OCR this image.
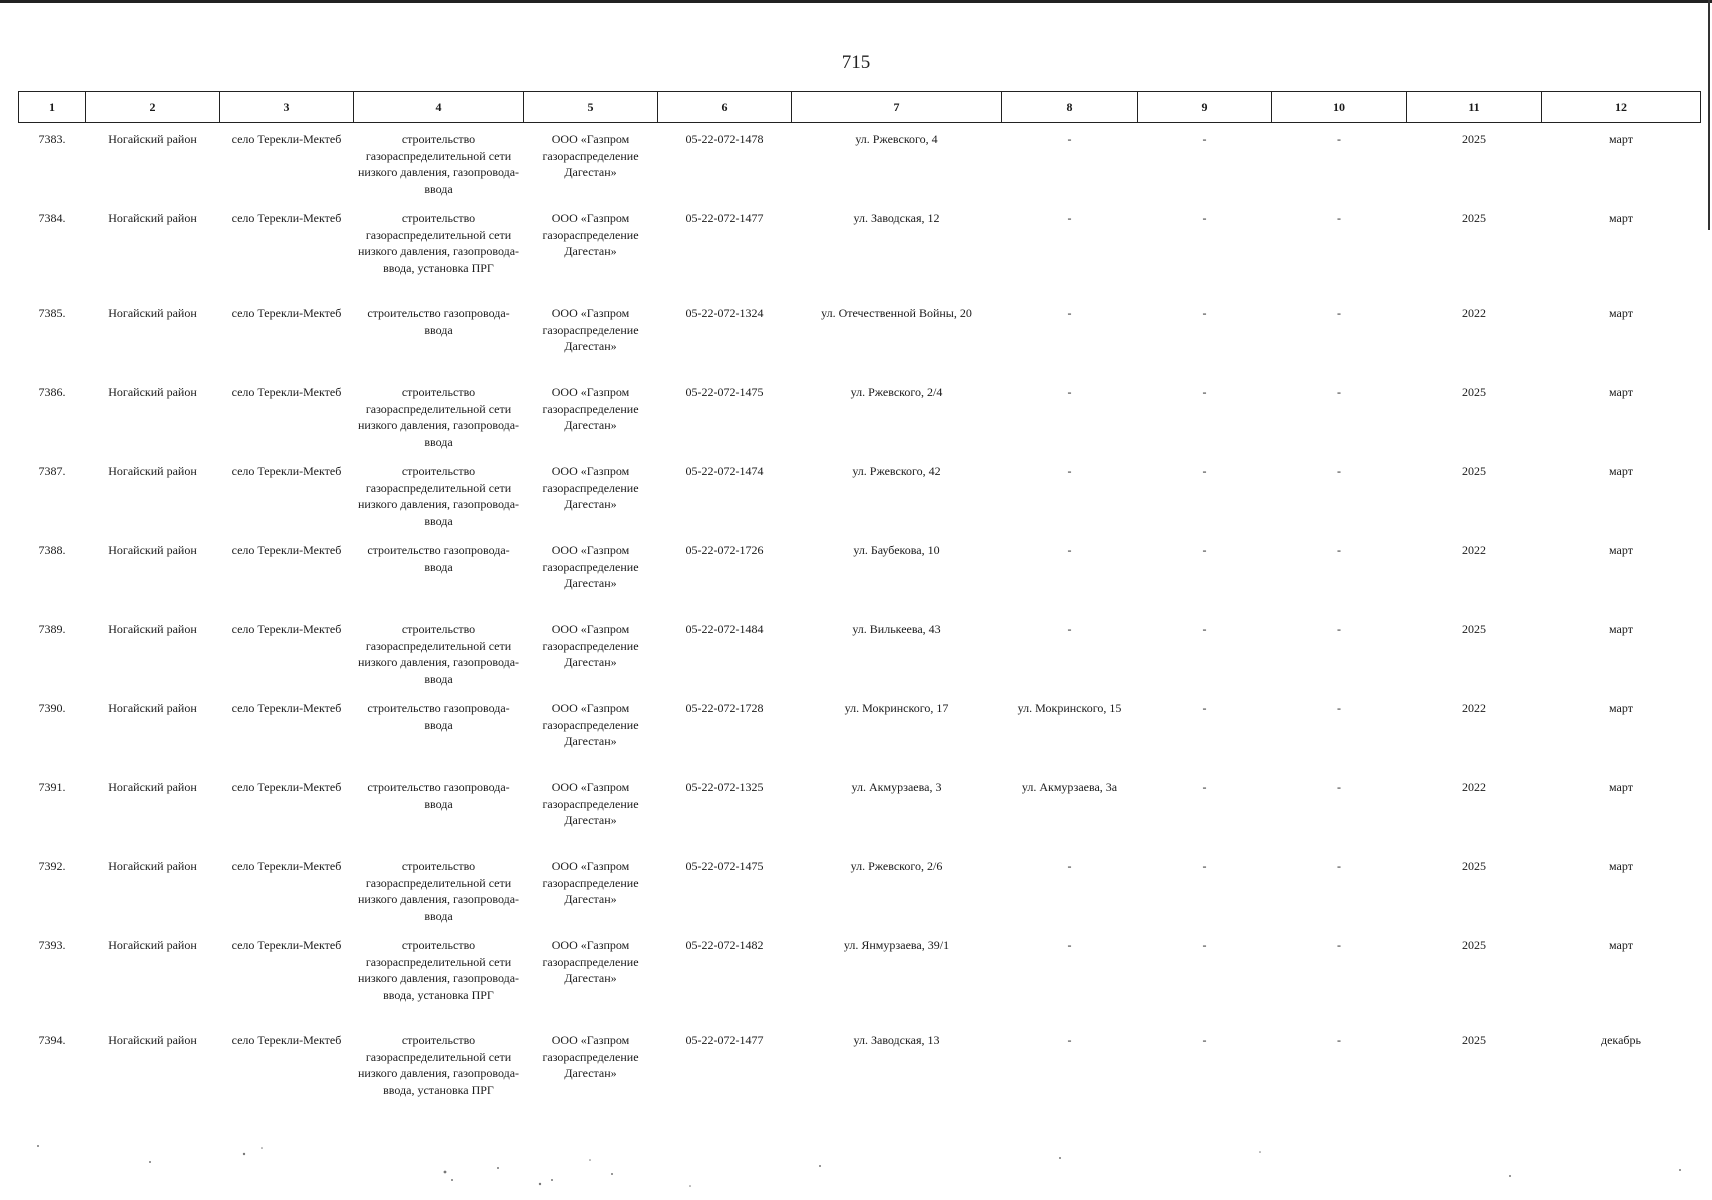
715
1	2	3	4	5	6	7	8	9	10	11	12
7383.	Ногайский район	село Терекли-Мектеб	строительство газораспределительной сети низкого давления, газопровода-ввода	ООО «Газпром газораспределение Дагестан»	05-22-072-1478	ул. Ржевского, 4	-	-	-	2025	март
7384.	Ногайский район	село Терекли-Мектеб	строительство газораспределительной сети низкого давления, газопровода-ввода, установка ПРГ	ООО «Газпром газораспределение Дагестан»	05-22-072-1477	ул. Заводская, 12	-	-	-	2025	март
7385.	Ногайский район	село Терекли-Мектеб	строительство газопровода-ввода	ООО «Газпром газораспределение Дагестан»	05-22-072-1324	ул. Отечественной Войны, 20	-	-	-	2022	март
7386.	Ногайский район	село Терекли-Мектеб	строительство газораспределительной сети низкого давления, газопровода-ввода	ООО «Газпром газораспределение Дагестан»	05-22-072-1475	ул. Ржевского, 2/4	-	-	-	2025	март
7387.	Ногайский район	село Терекли-Мектеб	строительство газораспределительной сети низкого давления, газопровода-ввода	ООО «Газпром газораспределение Дагестан»	05-22-072-1474	ул. Ржевского, 42	-	-	-	2025	март
7388.	Ногайский район	село Терекли-Мектеб	строительство газопровода-ввода	ООО «Газпром газораспределение Дагестан»	05-22-072-1726	ул. Баубекова, 10	-	-	-	2022	март
7389.	Ногайский район	село Терекли-Мектеб	строительство газораспределительной сети низкого давления, газопровода-ввода	ООО «Газпром газораспределение Дагестан»	05-22-072-1484	ул. Вилькеева, 43	-	-	-	2025	март
7390.	Ногайский район	село Терекли-Мектеб	строительство газопровода-ввода	ООО «Газпром газораспределение Дагестан»	05-22-072-1728	ул. Мокринского, 17	ул. Мокринского, 15	-	-	2022	март
7391.	Ногайский район	село Терекли-Мектеб	строительство газопровода-ввода	ООО «Газпром газораспределение Дагестан»	05-22-072-1325	ул. Акмурзаева, 3	ул. Акмурзаева, 3а	-	-	2022	март
7392.	Ногайский район	село Терекли-Мектеб	строительство газораспределительной сети низкого давления, газопровода-ввода	ООО «Газпром газораспределение Дагестан»	05-22-072-1475	ул. Ржевского, 2/6	-	-	-	2025	март
7393.	Ногайский район	село Терекли-Мектеб	строительство газораспределительной сети низкого давления, газопровода-ввода, установка ПРГ	ООО «Газпром газораспределение Дагестан»	05-22-072-1482	ул. Янмурзаева, 39/1	-	-	-	2025	март
7394.	Ногайский район	село Терекли-Мектеб	строительство газораспределительной сети низкого давления, газопровода-ввода, установка ПРГ	ООО «Газпром газораспределение Дагестан»	05-22-072-1477	ул. Заводская, 13	-	-	-	2025	декабрь
